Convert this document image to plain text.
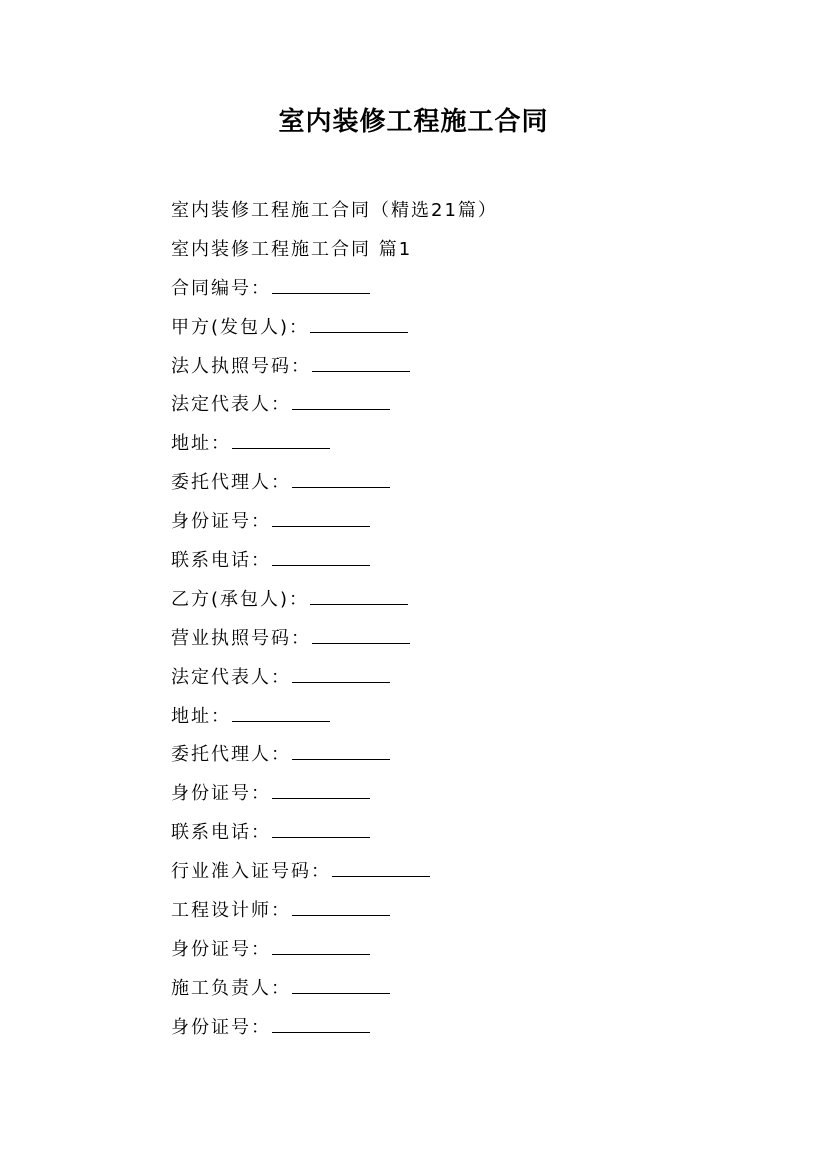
室内装修工程施工合同
室内装修工程施工合同（精选21篇）
室内装修工程施工合同 篇1
合同编号：
甲方(发包人)：
法人执照号码：
法定代表人：
地址：
委托代理人：
身份证号：
联系电话：
乙方(承包人)：
营业执照号码：
法定代表人：
地址：
委托代理人：
身份证号：
联系电话：
行业准入证号码：
工程设计师：
身份证号：
施工负责人：
身份证号：
